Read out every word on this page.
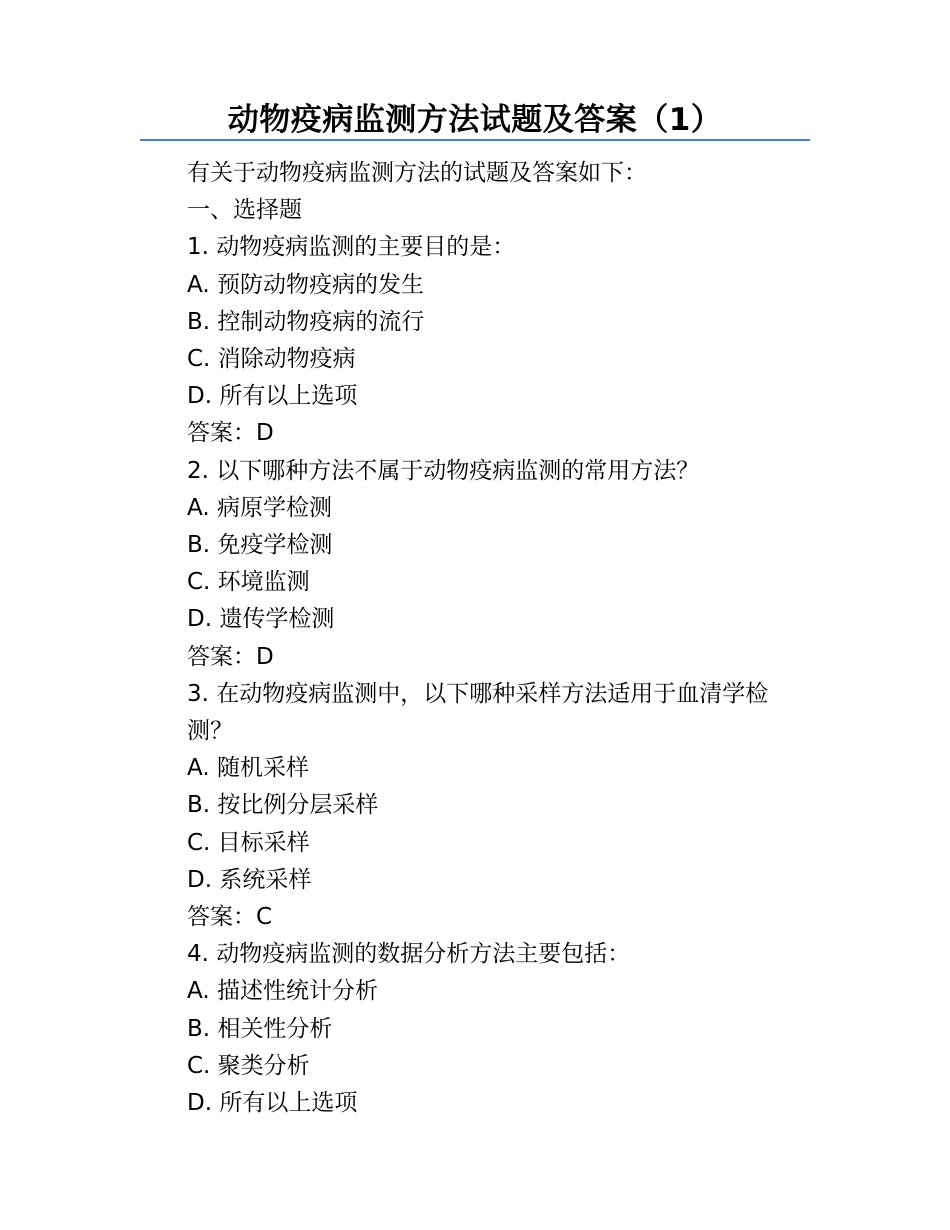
动物疫病监测方法试题及答案（1）
有关于动物疫病监测方法的试题及答案如下：
一、选择题
1. 动物疫病监测的主要目的是：
A. 预防动物疫病的发生
B. 控制动物疫病的流行
C. 消除动物疫病
D. 所有以上选项
答案：D
2. 以下哪种方法不属于动物疫病监测的常用方法？
A. 病原学检测
B. 免疫学检测
C. 环境监测
D. 遗传学检测
答案：D
3. 在动物疫病监测中，以下哪种采样方法适用于血清学检测？
A. 随机采样
B. 按比例分层采样
C. 目标采样
D. 系统采样
答案：C
4. 动物疫病监测的数据分析方法主要包括：
A. 描述性统计分析
B. 相关性分析
C. 聚类分析
D. 所有以上选项
